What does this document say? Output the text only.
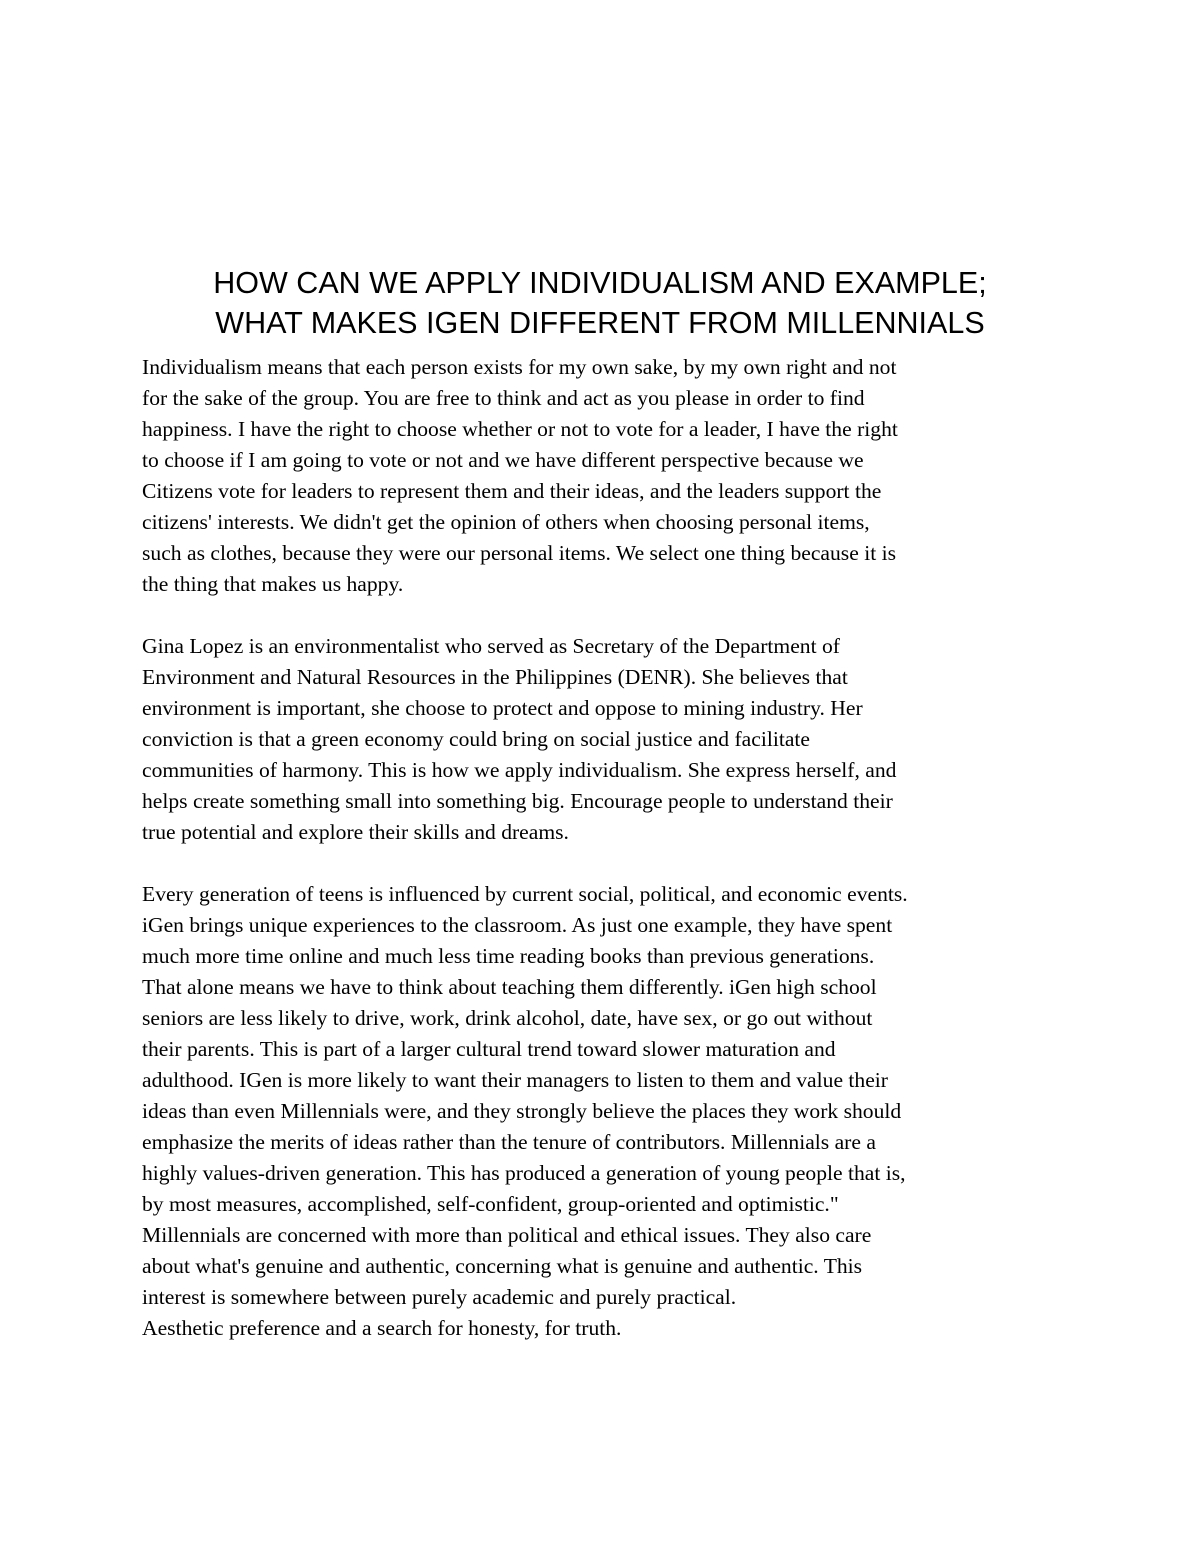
HOW CAN WE APPLY INDIVIDUALISM AND EXAMPLE;
WHAT MAKES IGEN DIFFERENT FROM MILLENNIALS
Individualism means that each person exists for my own sake, by my own right and not
for the sake of the group. You are free to think and act as you please in order to find
happiness. I have the right to choose whether or not to vote for a leader, I have the right
to choose if I am going to vote or not and we have different perspective because we
Citizens vote for leaders to represent them and their ideas, and the leaders support the
citizens' interests. We didn't get the opinion of others when choosing personal items,
such as clothes, because they were our personal items. We select one thing because it is
the thing that makes us happy.
Gina Lopez is an environmentalist who served as Secretary of the Department of
Environment and Natural Resources in the Philippines (DENR). She believes that
environment is important, she choose to protect and oppose to mining industry. Her
conviction is that a green economy could bring on social justice and facilitate
communities of harmony. This is how we apply individualism. She express herself, and
helps create something small into something big. Encourage people to understand their
true potential and explore their skills and dreams.
Every generation of teens is influenced by current social, political, and economic events.
iGen brings unique experiences to the classroom. As just one example, they have spent
much more time online and much less time reading books than previous generations.
That alone means we have to think about teaching them differently. iGen high school
seniors are less likely to drive, work, drink alcohol, date, have sex, or go out without
their parents. This is part of a larger cultural trend toward slower maturation and
adulthood. IGen is more likely to want their managers to listen to them and value their
ideas than even Millennials were, and they strongly believe the places they work should
emphasize the merits of ideas rather than the tenure of contributors. Millennials are a
highly values-driven generation. This has produced a generation of young people that is,
by most measures, accomplished, self-confident, group-oriented and optimistic."
Millennials are concerned with more than political and ethical issues. They also care
about what's genuine and authentic, concerning what is genuine and authentic. This
interest is somewhere between purely academic and purely practical.
Aesthetic preference and a search for honesty, for truth.
